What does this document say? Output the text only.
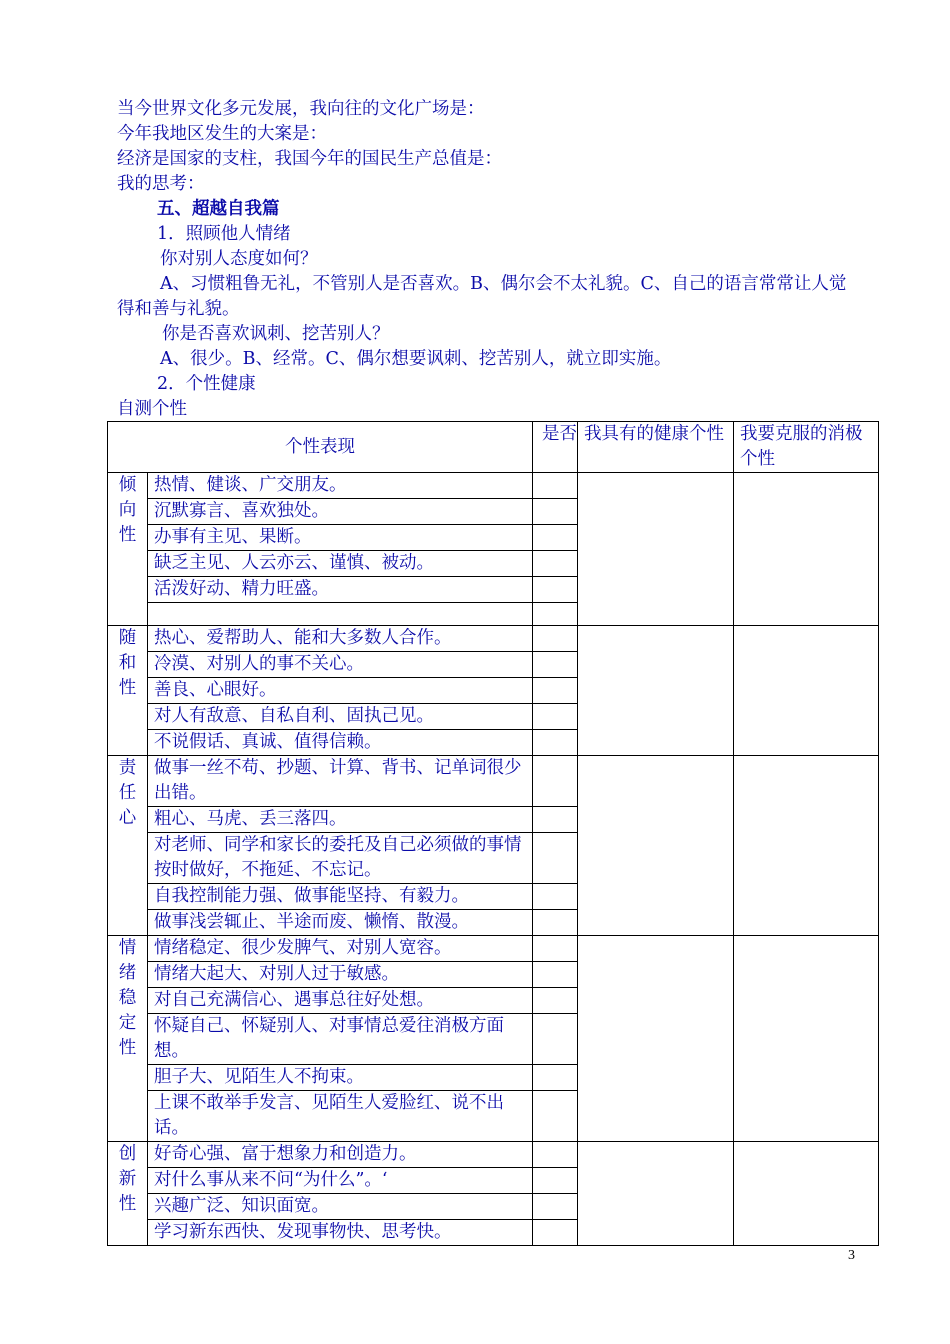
当今世界文化多元发展，我向往的文化广场是：
今年我地区发生的大案是：
经济是国家的支柱，我国今年的国民生产总值是：
我的思考：
五、超越自我篇
1．照顾他人情绪
你对别人态度如何？
A、习惯粗鲁无礼，不管别人是否喜欢。B、偶尔会不太礼貌。C、自己的语言常常让人觉
得和善与礼貌。
你是否喜欢讽刺、挖苦别人？
A、很少。B、经常。C、偶尔想要讽刺、挖苦别人，就立即实施。
2．个性健康
自测个性
个性表现		是否	我具有的健康个性	我要克服的消极个性

倾向性	热情、健谈、广交朋友。			
	沉默寡言、喜欢独处。			
	办事有主见、果断。			
	缺乏主见、人云亦云、谨慎、被动。			
	活泼好动、精力旺盛。			

随和性	热心、爱帮助人、能和大多数人合作。			
	冷漠、对别人的事不关心。			
	善良、心眼好。			
	对人有敌意、自私自利、固执己见。			
	不说假话、真诚、值得信赖。			

责任心	做事一丝不苟、抄题、计算、背书、记单词很少出错。			
	粗心、马虎、丢三落四。			
	对老师、同学和家长的委托及自己必须做的事情按时做好，不拖延、不忘记。			
	自我控制能力强、做事能坚持、有毅力。			
	做事浅尝辄止、半途而废、懒惰、散漫。			

情绪稳定性	情绪稳定、很少发脾气、对别人宽容。			
	情绪大起大、对别人过于敏感。			
	对自己充满信心、遇事总往好处想。			
	怀疑自己、怀疑别人、对事情总爱往消极方面想。			
	胆子大、见陌生人不拘束。			
	上课不敢举手发言、见陌生人爱脸红、说不出话。			

创新性	好奇心强、富于想象力和创造力。			
	对什么事从来不问“为什么”。‘			
	兴趣广泛、知识面宽。			
	学习新东西快、发现事物快、思考快。			
3
